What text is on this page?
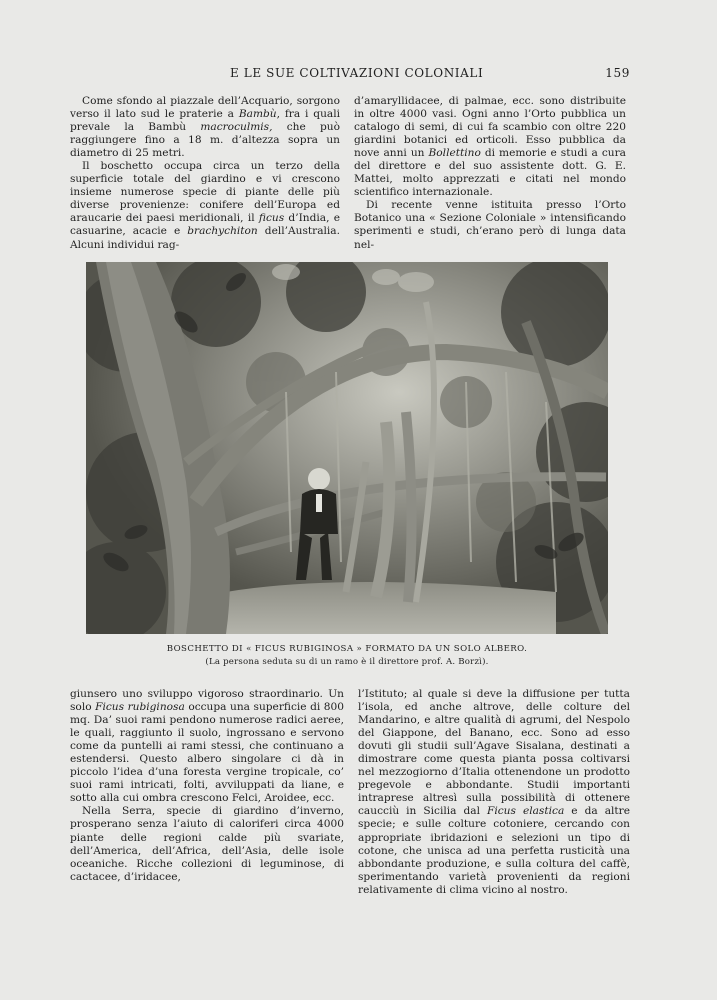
E LE SUE COLTIVAZIONI COLONIALI	159

Come sfondo al piazzale dell’Acquario, sorgono verso il lato sud le praterie a Bambù, fra i quali prevale la Bambù macroculmis, che può raggiungere fino a 18 m. d’altezza sopra un diametro di 25 metri.

Il boschetto occupa circa un terzo della superficie totale del giardino e vi crescono insieme numerose specie di piante delle più diverse provenienze: conifere dell’Europa ed araucarie dei paesi meridionali, il ficus d’India, e casuarine, acacie e brachychiton dell’Australia. Alcuni individui rag-

d’amaryllidacee, di palmae, ecc. sono distribuite in oltre 4000 vasi. Ogni anno l’Orto pubblica un catalogo di semi, di cui fa scambio con oltre 220 giardini botanici ed orticoli. Esso pubblica da nove anni un Bollettino di memorie e studi a cura del direttore e del suo assistente dott. G. E. Mattei, molto apprezzati e citati nel mondo scientifico internazionale.

Di recente venne istituita presso l’Orto Botanico una « Sezione Coloniale » intensificando sperimenti e studi, ch’erano però di lunga data nel-

BOSCHETTO DI « FICUS RUBIGINOSA » FORMATO DA UN SOLO ALBERO.
(La persona seduta su di un ramo è il direttore prof. A. Borzì).

giunsero uno sviluppo vigoroso straordinario. Un solo Ficus rubiginosa occupa una superficie di 800 mq. Da’ suoi rami pendono numerose radici aeree, le quali, raggiunto il suolo, ingrossano e servono come da puntelli ai rami stessi, che continuano a estendersi. Questo albero singolare ci dà in piccolo l’idea d’una foresta vergine tropicale, co’ suoi rami intricati, folti, avviluppati da liane, e sotto alla cui ombra crescono Felci, Aroidee, ecc.

Nella Serra, specie di giardino d’inverno, prosperano senza l’aiuto di caloriferi circa 4000 piante delle regioni calde più svariate, dell’America, dell’Africa, dell’Asia, delle isole oceaniche. Ricche collezioni di leguminose, di cactacee, d’iridacee,

l’Istituto; al quale si deve la diffusione per tutta l’isola, ed anche altrove, delle colture del Mandarino, e altre qualità di agrumi, del Nespolo del Giappone, del Banano, ecc. Sono ad esso dovuti gli studii sull’Agave Sisalana, destinati a dimostrare come questa pianta possa coltivarsi nel mezzogiorno d’Italia ottenendone un prodotto pregevole e abbondante. Studii importanti intraprese altresì sulla possibilità di ottenere caucciù in Sicilia dal Ficus elastica e da altre specie; e sulle colture cotoniere, cercando con appropriate ibridazioni e selezioni un tipo di cotone, che unisca ad una perfetta rusticità una abbondante produzione, e sulla coltura del caffè, sperimentando varietà provenienti da regioni relativamente di clima vicino al nostro.
